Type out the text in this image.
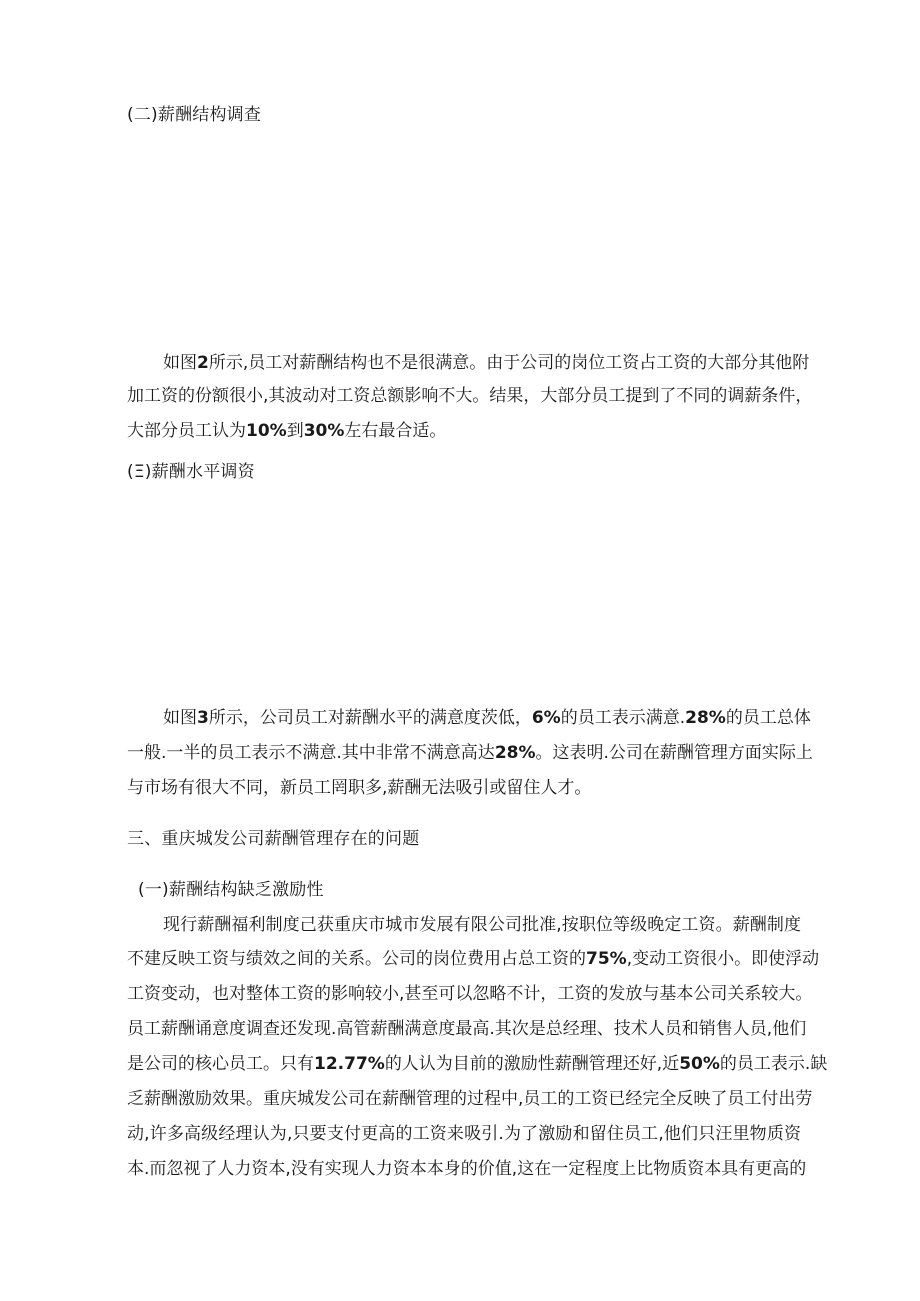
(二)薪酬结构调查
如图2所示,员工对薪酬结构也不是很满意。由于公司的岗位工资占工资的大部分其他附
加工资的份额很小,其波动对工资总额影响不大。结果，大部分员工提到了不同的调薪条件，
大部分员工认为10%到30%左右最合适。
(Ξ)薪酬水平调资
如图3所示，公司员工对薪酬水平的满意度茨低，6%的员工表示满意.28%的员工总体
一般.一半的员工表示不满意.其中非常不满意高达28%。这表明.公司在薪酬管理方面实际上
与市场有很大不同，新员工罔职多,薪酬无法吸引或留住人才。
三、重庆城发公司薪酬管理存在的问题
(一)薪酬结构缺乏激励性
现行薪酬福利制度己获重庆市城市发展有限公司批准,按职位等级晚定工资。薪酬制度
不建反映工资与绩效之间的关系。公司的岗位费用占总工资的75%,变动工资很小。即使浮动
工资变动，也对整体工资的影响较小,甚至可以忽略不计，工资的发放与基本公司关系较大。
员工薪酬诵意度调查还发现.高管薪酬满意度最高.其次是总经理、技术人员和销售人员,他们
是公司的核心员工。只有12.77%的人认为目前的激励性薪酬管理还好,近50%的员工表示.缺
乏薪酬激励效果。重庆城发公司在薪酬管理的过程中,员工的工资已经完全反映了员工付出劳
动,许多高级经理认为,只要支付更高的工资来吸引.为了激励和留住员工,他们只汪里物质资
本.而忽视了人力资本,没有实现人力资本本身的价值,这在一定程度上比物质资本具有更高的
